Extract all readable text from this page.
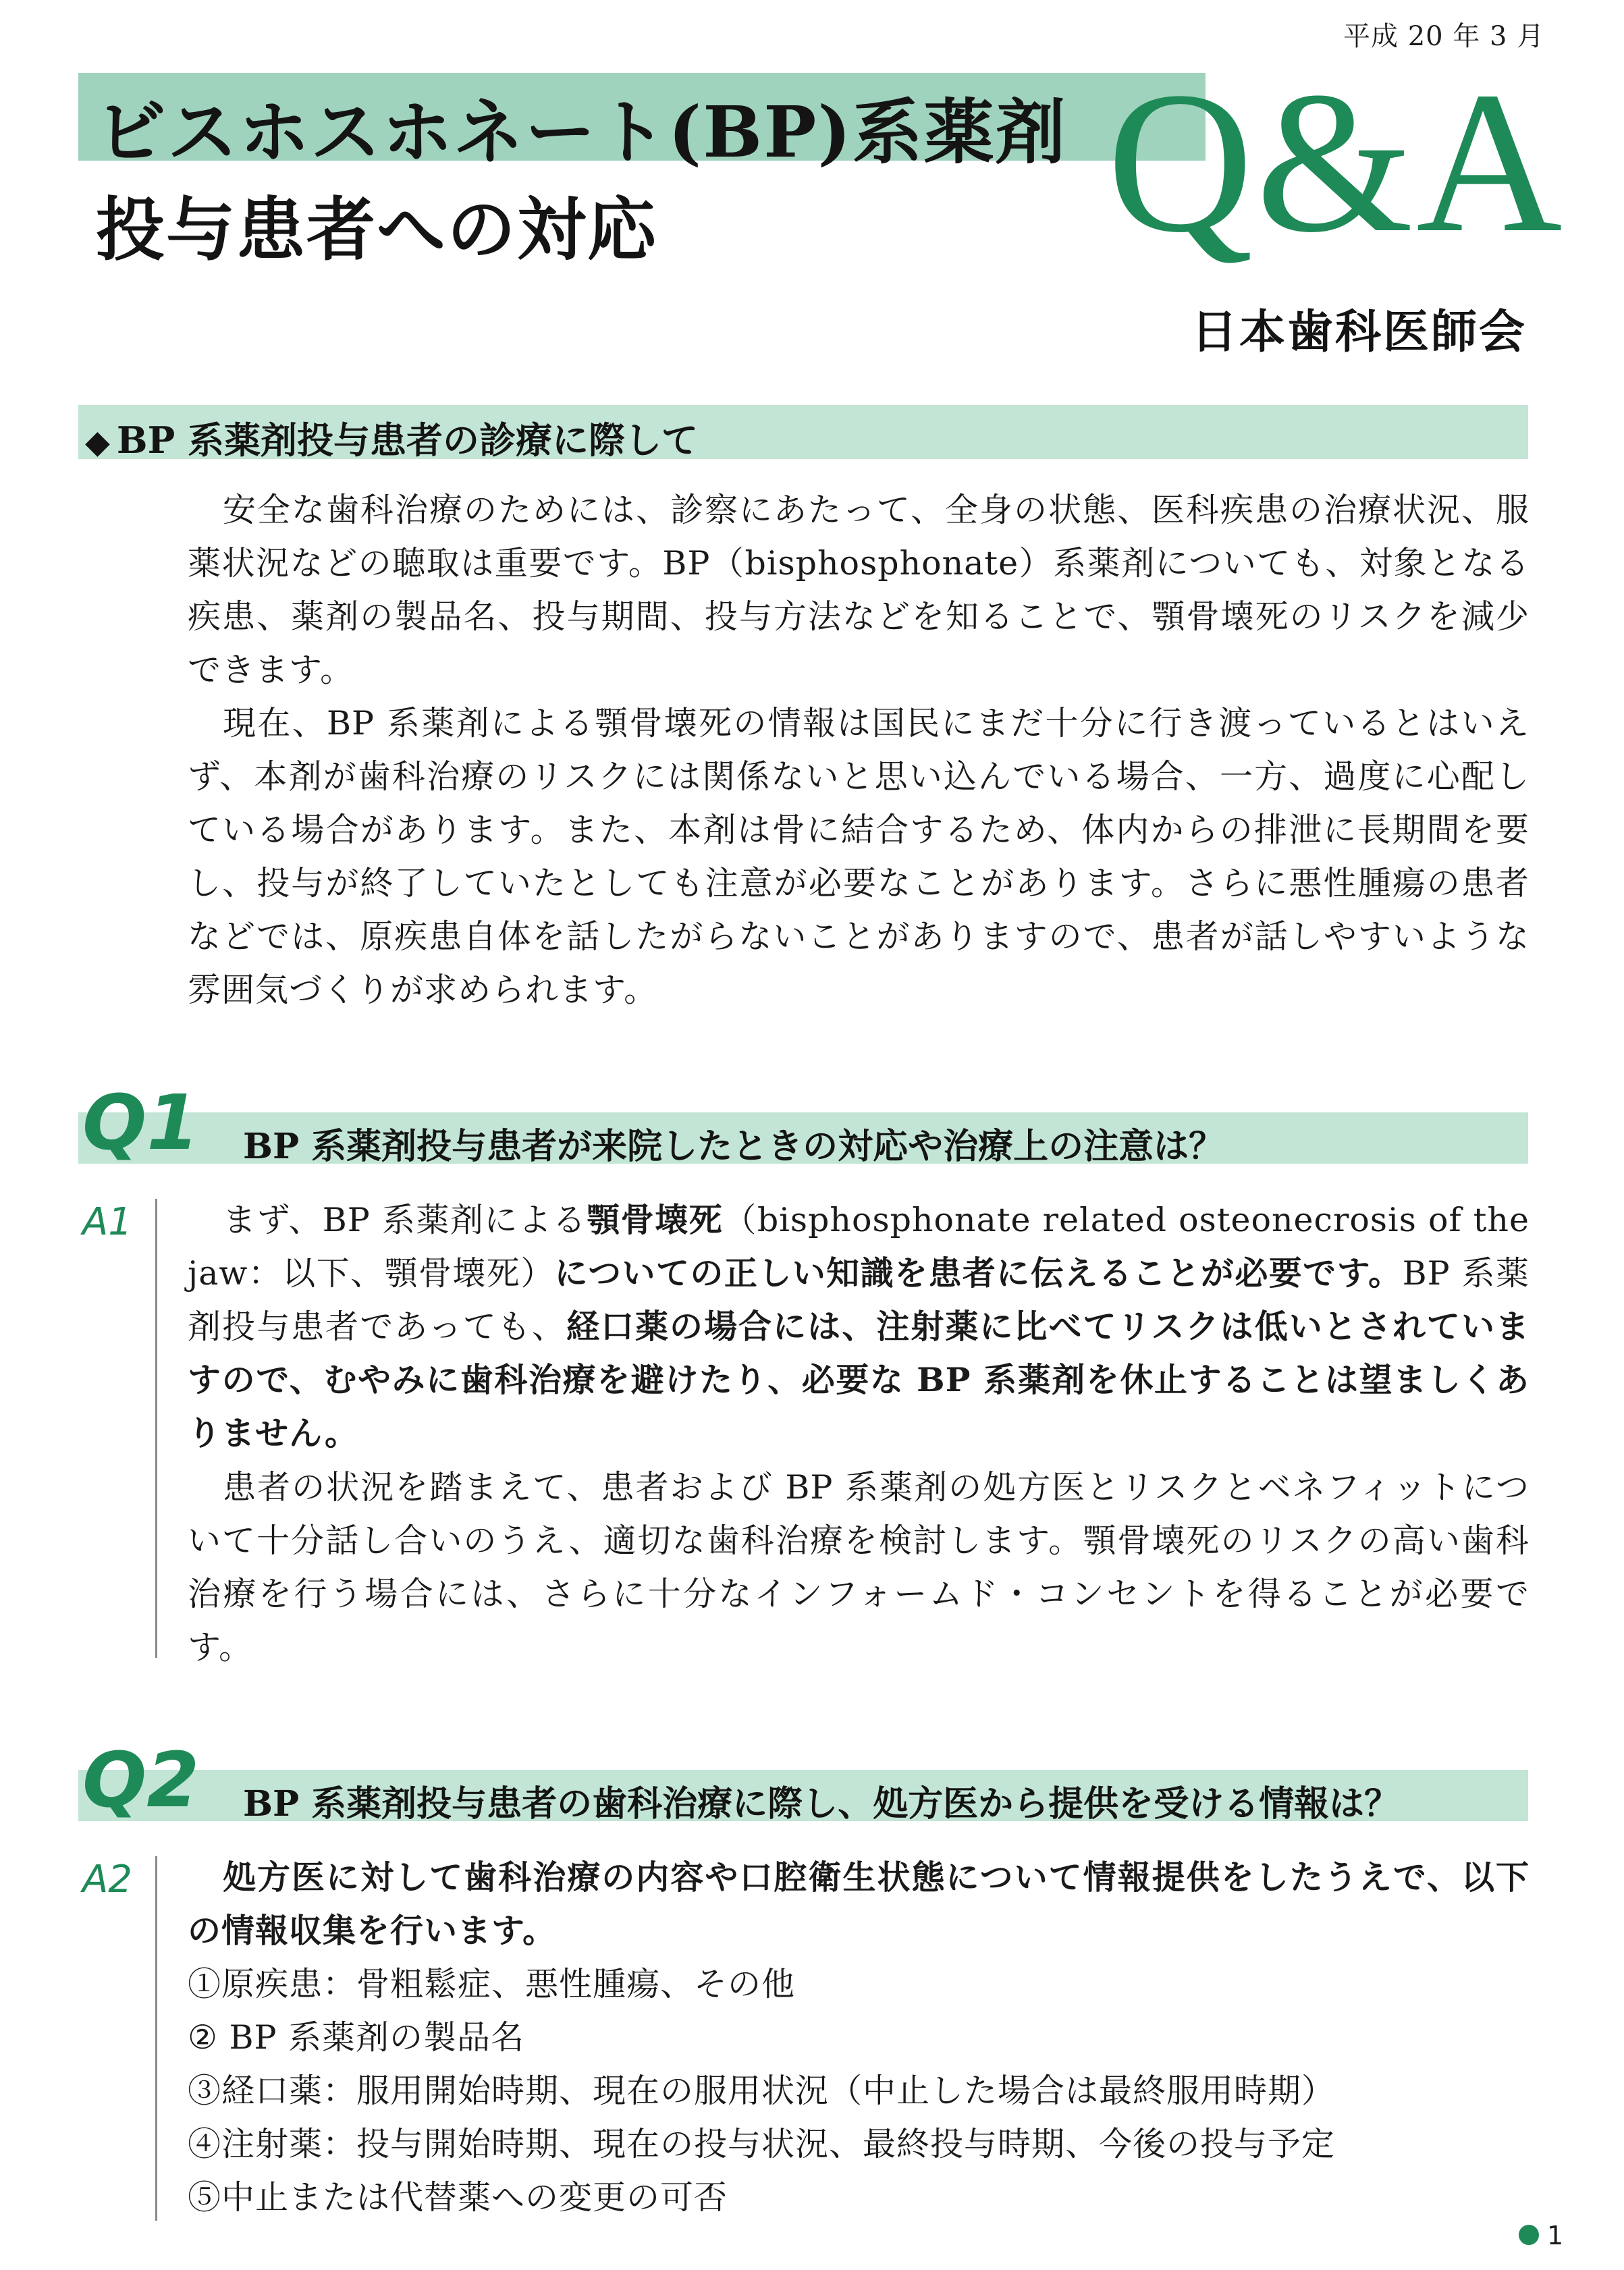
平成 20 年 3 月
ビスホスホネート(BP)系薬剤
投与患者への対応 Q&A
日本歯科医師会
◆ BP 系薬剤投与患者の診療に際して
安全な歯科治療のためには、診察にあたって、全身の状態、医科疾患の治療状況、服薬状況などの聴取は重要です。BP（bisphosphonate）系薬剤についても、対象となる疾患、薬剤の製品名、投与期間、投与方法などを知ることで、顎骨壊死のリスクを減少できます。
現在、BP 系薬剤による顎骨壊死の情報は国民にまだ十分に行き渡っているとはいえず、本剤が歯科治療のリスクには関係ないと思い込んでいる場合、一方、過度に心配している場合があります。また、本剤は骨に結合するため、体内からの排泄に長期間を要し、投与が終了していたとしても注意が必要なことがあります。さらに悪性腫瘍の患者などでは、原疾患自体を話したがらないことがありますので、患者が話しやすいような雰囲気づくりが求められます。
Q1 BP 系薬剤投与患者が来院したときの対応や治療上の注意は？
A1	まず、BP 系薬剤による顎骨壊死（bisphosphonate related osteonecrosis of the jaw：以下、顎骨壊死）についての正しい知識を患者に伝えることが必要です。BP 系薬剤投与患者であっても、経口薬の場合には、注射薬に比べてリスクは低いとされていますので、むやみに歯科治療を避けたり、必要な BP 系薬剤を休止することは望ましくありません。
患者の状況を踏まえて、患者および BP 系薬剤の処方医とリスクとベネフィットについて十分話し合いのうえ、適切な歯科治療を検討します。顎骨壊死のリスクの高い歯科治療を行う場合には、さらに十分なインフォームド・コンセントを得ることが必要です。
Q2 BP 系薬剤投与患者の歯科治療に際し、処方医から提供を受ける情報は？
A2	処方医に対して歯科治療の内容や口腔衛生状態について情報提供をしたうえで、以下の情報収集を行います。
①原疾患：骨粗鬆症、悪性腫瘍、その他
② BP 系薬剤の製品名
③経口薬：服用開始時期、現在の服用状況（中止した場合は最終服用時期）
④注射薬：投与開始時期、現在の投与状況、最終投与時期、今後の投与予定
⑤中止または代替薬への変更の可否
1
